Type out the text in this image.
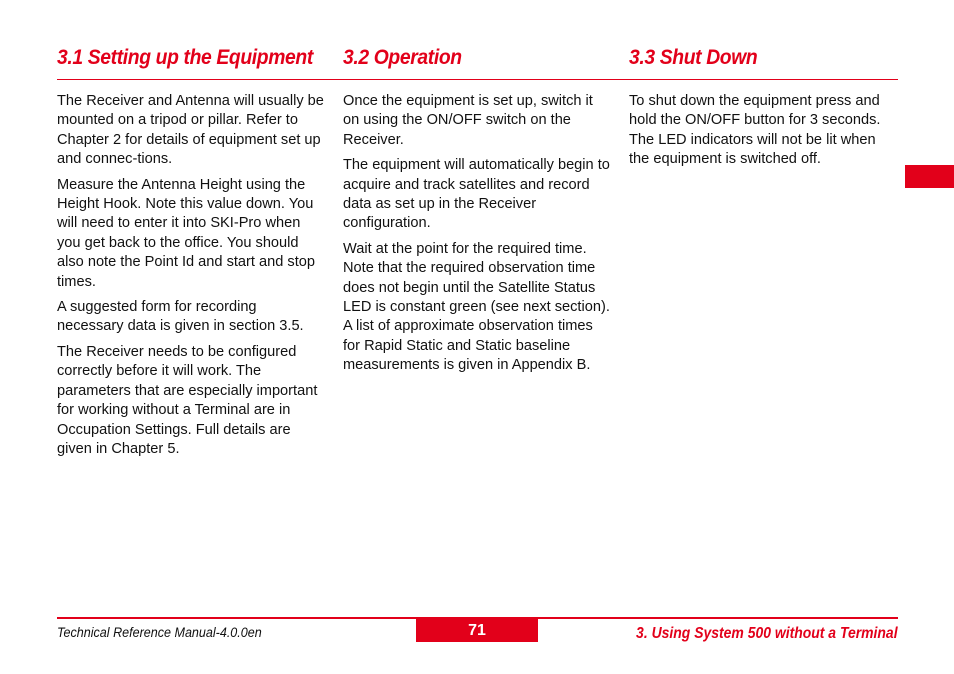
3.1 Setting up the Equipment 3.2 Operation	3.3 Shut Down

The Receiver and Antenna will usually be mounted on a tripod or pillar. Refer to Chapter 2 for details of equipment set up and connec-tions.

Measure the Antenna Height using the Height Hook. Note this value down. You will need to enter it into SKI-Pro when you get back to the office. You should also note the Point Id and start and stop times.

A suggested form for recording necessary data is given in section 3.5.

The Receiver needs to be configured correctly before it will work. The parameters that are especially important for working without a Terminal are in Occupation Settings. Full details are given in Chapter 5.

Once the equipment is set up, switch it on using the ON/OFF switch on the Receiver.

The equipment will automatically begin to acquire and track satellites and record data as set up in the Receiver configuration.

Wait at the point for the required time. Note that the required observation time does not begin until the Satellite Status LED is constant green (see next section). A list of approximate observation times for Rapid Static and Static baseline measurements is given in Appendix B.

To shut down the equipment press and hold the ON/OFF button for 3 seconds. The LED indicators will not be lit when the equipment is switched off.

Technical Reference Manual-4.0.0en	71	3. Using System 500 without a Terminal
